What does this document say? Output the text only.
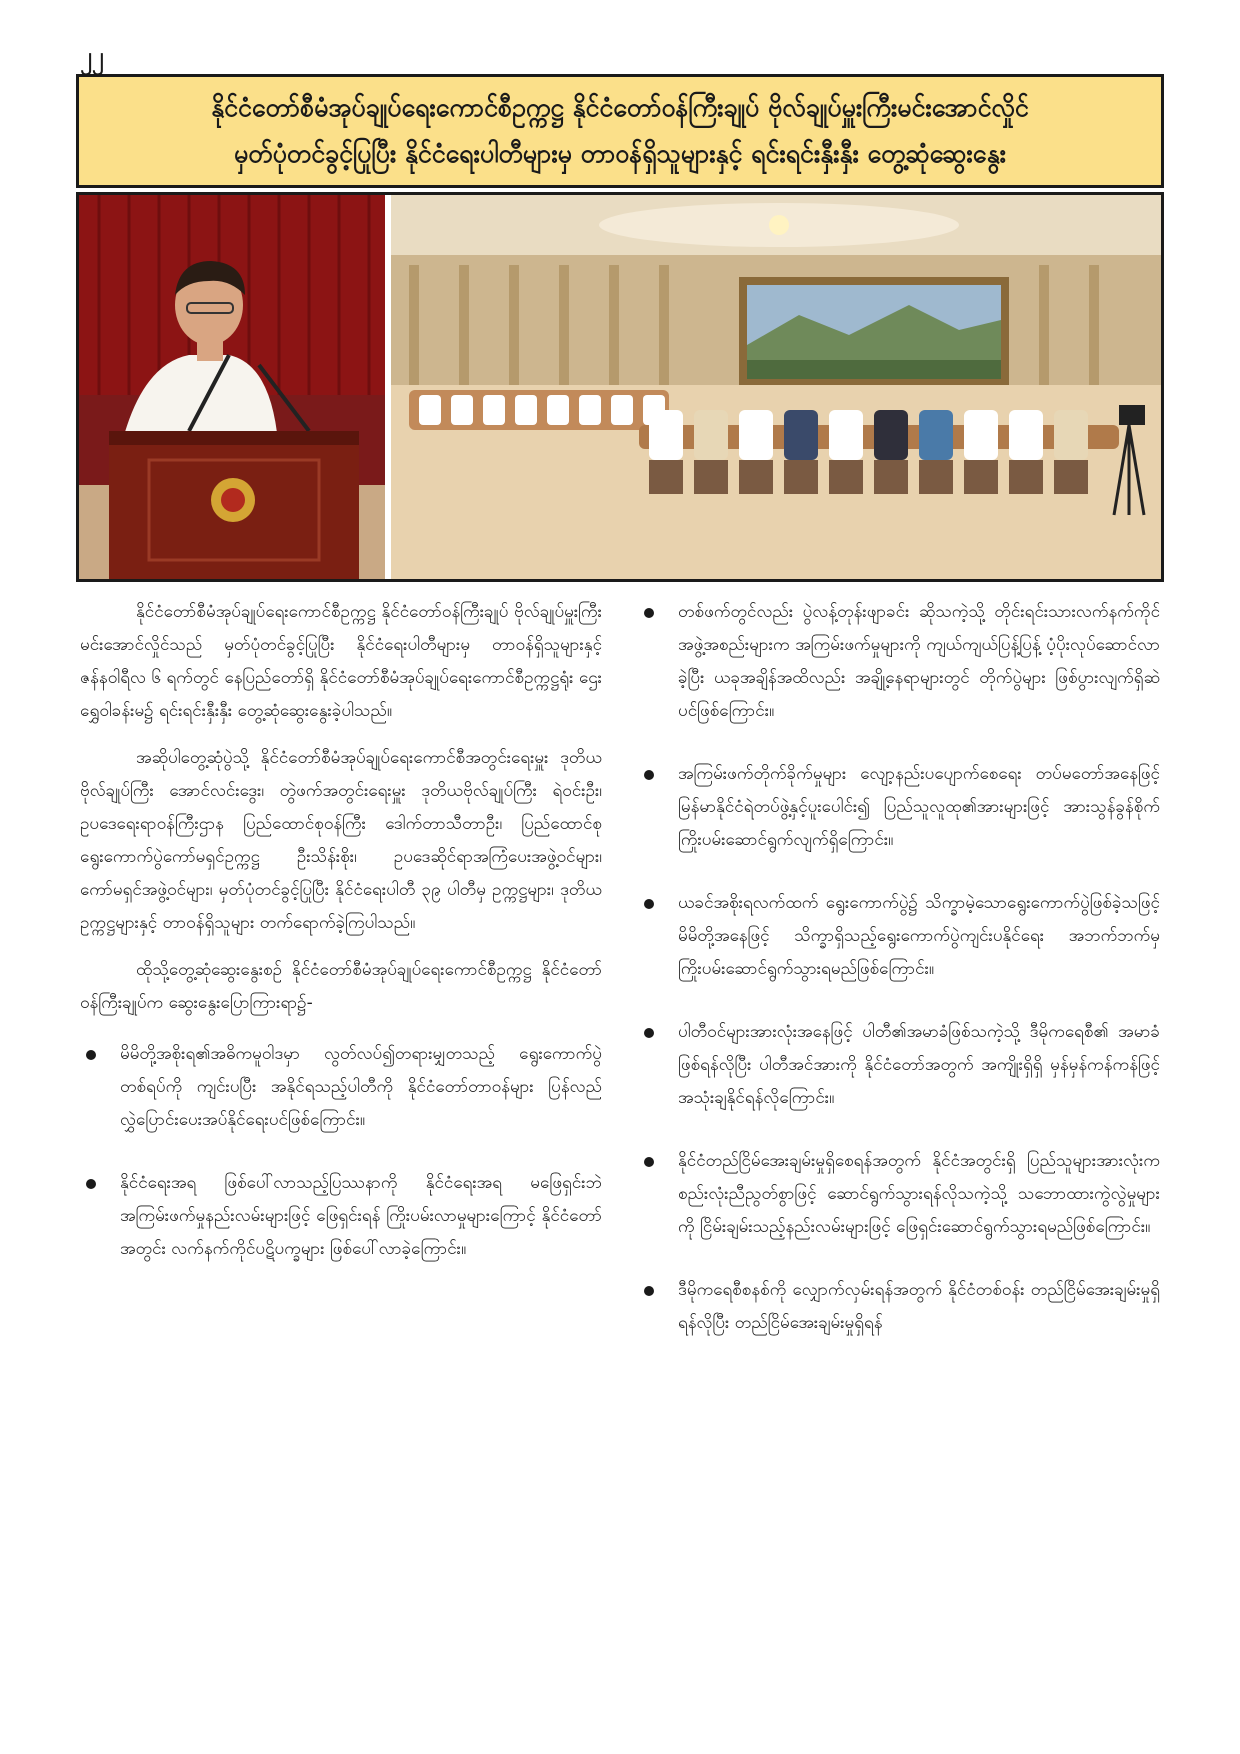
၂၂
နိုင်ငံတော်စီမံအုပ်ချုပ်ရေးကောင်စီဥက္ကဋ္ဌ နိုင်ငံတော်ဝန်ကြီးချုပ် ဗိုလ်ချုပ်မှူးကြီးမင်းအောင်လှိုင်
မှတ်ပုံတင်ခွင့်ပြုပြီး နိုင်ငံရေးပါတီများမှ တာဝန်ရှိသူများနှင့် ရင်းရင်းနှီးနှီး တွေ့ဆုံဆွေးနွေး

နိုင်ငံတော်စီမံအုပ်ချုပ်ရေးကောင်စီဥက္ကဋ္ဌ နိုင်ငံတော်ဝန်ကြီးချုပ် ဗိုလ်ချုပ်မှူးကြီး မင်းအောင်လှိုင်သည် မှတ်ပုံတင်ခွင့်ပြုပြီး နိုင်ငံရေးပါတီများမှ တာဝန်ရှိသူများနှင့် ဇန်နဝါရီလ ၆ ရက်တွင် နေပြည်တော်ရှိ နိုင်ငံတော်စီမံအုပ်ချုပ်ရေးကောင်စီဥက္ကဋ္ဌရုံး ဌေးရွှေဝါခန်းမ၌ ရင်းရင်းနှီးနှီး တွေ့ဆုံဆွေးနွေးခဲ့ပါသည်။

အဆိုပါတွေ့ဆုံပွဲသို့ နိုင်ငံတော်စီမံအုပ်ချုပ်ရေးကောင်စီအတွင်းရေးမှူး ဒုတိယဗိုလ်ချုပ်ကြီး အောင်လင်းဒွေး၊ တွဲဖက်အတွင်းရေးမှူး ဒုတိယဗိုလ်ချုပ်ကြီး ရဲဝင်းဦး၊ ဥပဒေရေးရာဝန်ကြီးဌာန ပြည်ထောင်စုဝန်ကြီး ဒေါက်တာသီတာဦး၊ ပြည်ထောင်စုရွေးကောက်ပွဲကော်မရှင်ဥက္ကဋ္ဌ ဦးသိန်းစိုး၊ ဥပဒေဆိုင်ရာအကြံပေးအဖွဲ့ဝင်များ၊ ကော်မရှင်အဖွဲ့ဝင်များ၊ မှတ်ပုံတင်ခွင့်ပြုပြီး နိုင်ငံရေးပါတီ ၃၉ ပါတီမှ ဥက္ကဋ္ဌများ၊ ဒုတိယဥက္ကဋ္ဌများနှင့် တာဝန်ရှိသူများ တက်ရောက်ခဲ့ကြပါသည်။

ထိုသို့တွေ့ဆုံဆွေးနွေးစဉ် နိုင်ငံတော်စီမံအုပ်ချုပ်ရေးကောင်စီဥက္ကဋ္ဌ နိုင်ငံတော်ဝန်ကြီးချုပ်က ဆွေးနွေးပြောကြားရာ၌-

မိမိတို့အစိုးရ၏အဓိကမူဝါဒမှာ လွတ်လပ်၍တရားမျှတသည့် ရွေးကောက်ပွဲတစ်ရပ်ကို ကျင်းပပြီး အနိုင်ရသည့်ပါတီကို နိုင်ငံတော်တာဝန်များ ပြန်လည်လွှဲပြောင်းပေးအပ်နိုင်ရေးပင်ဖြစ်ကြောင်း။
နိုင်ငံရေးအရ ဖြစ်ပေါ်လာသည့်ပြဿနာကို နိုင်ငံရေးအရ မဖြေရှင်းဘဲ အကြမ်းဖက်မှုနည်းလမ်းများဖြင့် ဖြေရှင်းရန် ကြိုးပမ်းလာမှုများကြောင့် နိုင်ငံတော်အတွင်း လက်နက်ကိုင်ပဋိပက္ခများ ဖြစ်ပေါ်လာခဲ့ကြောင်း။
တစ်ဖက်တွင်လည်း ပွဲလန့်တုန်းဖျာခင်း ဆိုသကဲ့သို့ တိုင်းရင်းသားလက်နက်ကိုင်အဖွဲ့အစည်းများက အကြမ်းဖက်မှုများကို ကျယ်ကျယ်ပြန့်ပြန့် ပံ့ပိုးလုပ်ဆောင်လာခဲ့ပြီး ယခုအချိန်အထိလည်း အချို့နေရာများတွင် တိုက်ပွဲများ ဖြစ်ပွားလျက်ရှိဆဲပင်ဖြစ်ကြောင်း။
အကြမ်းဖက်တိုက်ခိုက်မှုများ လျော့နည်းပပျောက်စေရေး တပ်မတော်အနေဖြင့် မြန်မာနိုင်ငံရဲတပ်ဖွဲ့နှင့်ပူးပေါင်း၍ ပြည်သူလူထု၏အားများဖြင့် အားသွန်ခွန်စိုက် ကြိုးပမ်းဆောင်ရွက်လျက်ရှိကြောင်း။
ယခင်အစိုးရလက်ထက် ရွေးကောက်ပွဲ၌ သိက္ခာမဲ့သောရွေးကောက်ပွဲဖြစ်ခဲ့သဖြင့် မိမိတို့အနေဖြင့် သိက္ခာရှိသည့်ရွေးကောက်ပွဲကျင်းပနိုင်ရေး အဘက်ဘက်မှ ကြိုးပမ်းဆောင်ရွက်သွားရမည်ဖြစ်ကြောင်း။
ပါတီဝင်များအားလုံးအနေဖြင့် ပါတီ၏အမာခံဖြစ်သကဲ့သို့ ဒီမိုကရေစီ၏ အမာခံဖြစ်ရန်လိုပြီး ပါတီအင်အားကို နိုင်ငံတော်အတွက် အကျိုးရှိရှိ မှန်မှန်ကန်ကန်ဖြင့် အသုံးချနိုင်ရန်လိုကြောင်း။
နိုင်ငံတည်ငြိမ်အေးချမ်းမှုရှိစေရန်အတွက် နိုင်ငံအတွင်းရှိ ပြည်သူများအားလုံးက စည်းလုံးညီညွတ်စွာဖြင့် ဆောင်ရွက်သွားရန်လိုသကဲ့သို့ သဘောထားကွဲလွဲမှုများကို ငြိမ်းချမ်းသည့်နည်းလမ်းများဖြင့် ဖြေရှင်းဆောင်ရွက်သွားရမည်ဖြစ်ကြောင်း။
ဒီမိုကရေစီစနစ်ကို လျှောက်လှမ်းရန်အတွက် နိုင်ငံတစ်ဝန်း တည်ငြိမ်အေးချမ်းမှုရှိရန်လိုပြီး တည်ငြိမ်အေးချမ်းမှုရှိရန်
